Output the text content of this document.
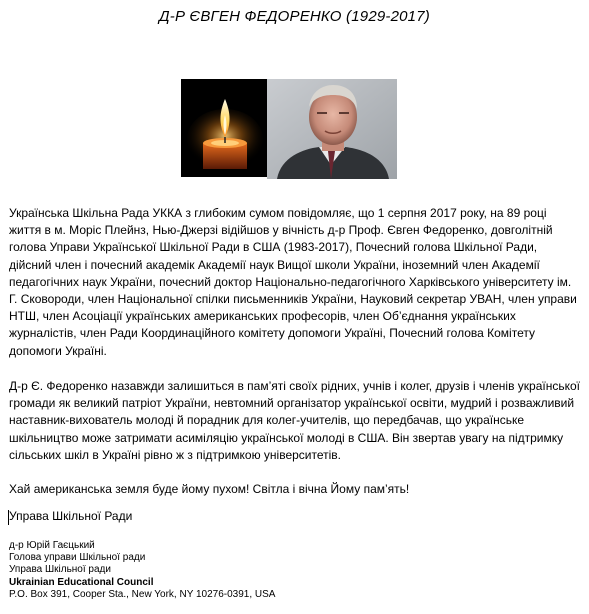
Д-Р ЄВГЕН ФЕДОРЕНКО (1929-2017)
Українська Шкільна Рада УККА з глибоким сумом повідомляє, що 1 серпня 2017 року, на 89 році життя в м. Моріс Плейнз, Нью-Джерзі відійшов у вічність д-р Проф. Євген Федоренко, довголітній голова Управи Української Шкільної Ради в США (1983-2017), Почесний голова Шкільної Ради, дійсний член і почесний академік Академії наук Вищої школи України, іноземний член Академії педагогічних наук України, почесний доктор Національно-педагогічного Харківського університету ім. Г. Сковороди, член Національної спілки письменників України, Науковий секретар УВАН, член управи НТШ, член Асоціації українських американських професорів, член Об’єднання українських журналістів, член Ради Координаційного комітету допомоги Україні, Почесний голова Комітету допомоги Україні.
Д-р Є. Федоренко назавжди залишиться в пам’яті своїх рідних, учнів і колег, друзів і членів української громади як великий патріот України, невтомний організатор української освіти, мудрий і розважливий наставник-вихователь молоді й порадник для колег-учителів, що передбачав, що українське шкільництво може затримати асиміляцію української молоді в США. Він звертав увагу на підтримку сільських шкіл в Україні рівно ж з підтримкою університетів.
Хай американська земля буде йому пухом! Світла і вічна Йому пам’ять!
Управа Шкільної Ради
д-р Юрій Гаєцький
Голова управи Шкільної ради
Управа Шкільної ради
Ukrainian Educational Council
P.O. Box 391, Cooper Sta., New York, NY 10276-0391, USA
